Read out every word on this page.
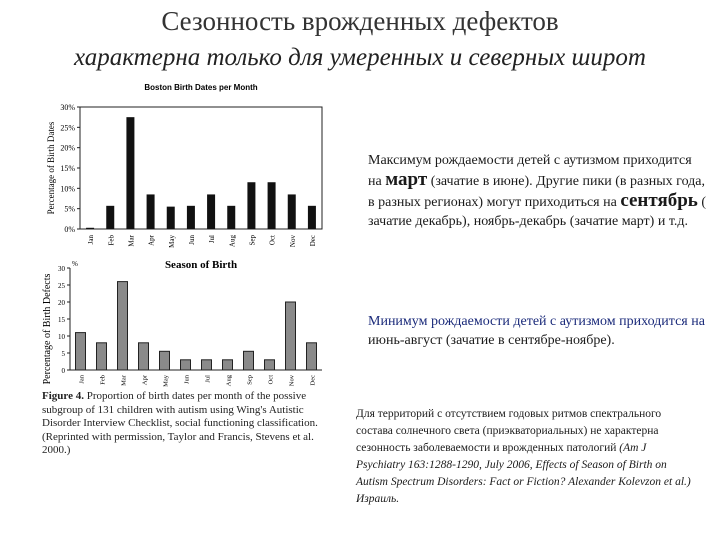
Сезонность врожденных дефектов
характерна только для умеренных и северных широт
Boston Birth Dates per Month
0%
5%
10%
15%
20%
25%
30%
Jan Feb Mar Apr May Jun Jul Aug Sep Oct Nov Dec
Season of Birth
Percentage of Birth Dates
%
0
5
10
15
20
25
30
Jan Feb Mar Apr May Jun Jul Aug Sep Oct Nov Dec
Percentage of Birth Defects
Figure 4. Proportion of birth dates per month of the possive subgroup of 131 children with autism using Wing's Autistic Disorder Interview Checklist, social functioning classification. (Reprinted with permission, Taylor and Francis, Stevens et al. 2000.)
Максимум рождаемости детей с аутизмом приходится на март (зачатие в июне). Другие пики (в разных года, в разных регионах) могут приходиться на сентябрь ( зачатие декабрь), ноябрь-декабрь (зачатие март) и т.д.
Минимум рождаемости детей с аутизмом приходится на июнь-август (зачатие в сентябре-ноябре).
Для территорий с отсутствием годовых ритмов спектрального состава солнечного света (приэкваториальных) не характерна сезонность заболеваемости и врожденных патологий (Am J Psychiatry 163:1288-1290, July 2006, Effects of Season of Birth on Autism Spectrum Disorders: Fact or Fiction? Alexander Kolevzon et al.) Израиль.
